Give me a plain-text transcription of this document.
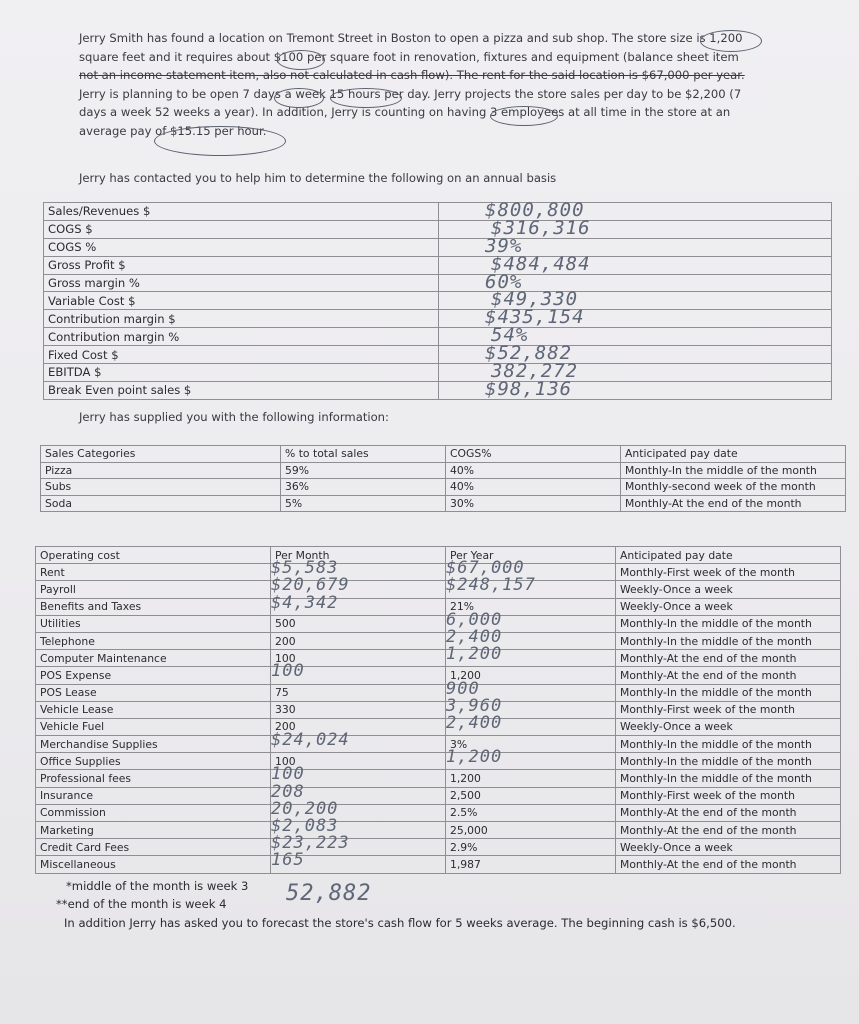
Jerry Smith has found a location on Tremont Street in Boston to open a pizza and sub shop. The store size is 1,200
square feet and it requires about $100 per square foot in renovation, fixtures and equipment (balance sheet item
not an income statement item, also not calculated in cash flow). The rent for the said location is $67,000 per year.
Jerry is planning to be open 7 days a week 15 hours per day. Jerry projects the store sales per day to be $2,200 (7
days a week 52 weeks a year). In addition, Jerry is counting on having 3 employees at all time in the store at an
average pay of $15.15 per hour.
Jerry has contacted you to help him to determine the following on an annual basis
Sales/Revenues $	$800,800

COGS $	$316,316

COGS %	39%

Gross Profit $	$484,484

Gross margin %	60%

Variable Cost $	$49,330

Contribution margin $	$435,154

Contribution margin %	54%

Fixed Cost $	$52,882

EBITDA $	382,272

Break Even point sales $	$98,136
Jerry has supplied you with the following information:
Sales Categories	% to total sales	COGS%	Anticipated pay date
Pizza	59%	40%	Monthly-In the middle of the month
Subs	36%	40%	Monthly-second week of the month
Soda	5%	30%	Monthly-At the end of the month
Operating cost	Per Month	Per Year	Anticipated pay date
Rent	$5,583	$67,000	Monthly-First week of the month
Payroll	$20,679	$248,157	Weekly-Once a week
Benefits and Taxes	$4,342	21%	Weekly-Once a week
Utilities	500	6,000	Monthly-In the middle of the month
Telephone	200	2,400	Monthly-In the middle of the month
Computer Maintenance	100	1,200	Monthly-At the end of the month
POS Expense	100	1,200	Monthly-At the end of the month
POS Lease	75	900	Monthly-In the middle of the month
Vehicle Lease	330	3,960	Monthly-First week of the month
Vehicle Fuel	200	2,400	Weekly-Once a week
Merchandise Supplies	$24,024	3%	Monthly-In the middle of the month
Office Supplies	100	1,200	Monthly-In the middle of the month
Professional fees	100	1,200	Monthly-In the middle of the month
Insurance	208	2,500	Monthly-First week of the month
Commission	20,200	2.5%	Monthly-At the end of the month
Marketing	$2,083	25,000	Monthly-At the end of the month
Credit Card Fees	$23,223	2.9%	Weekly-Once a week
Miscellaneous	165	1,987	Monthly-At the end of the month
*middle of the month is week 3
**end of the month is week 4
In addition Jerry has asked you to forecast the store's cash flow for 5 weeks average. The beginning cash is $6,500.
52,882
